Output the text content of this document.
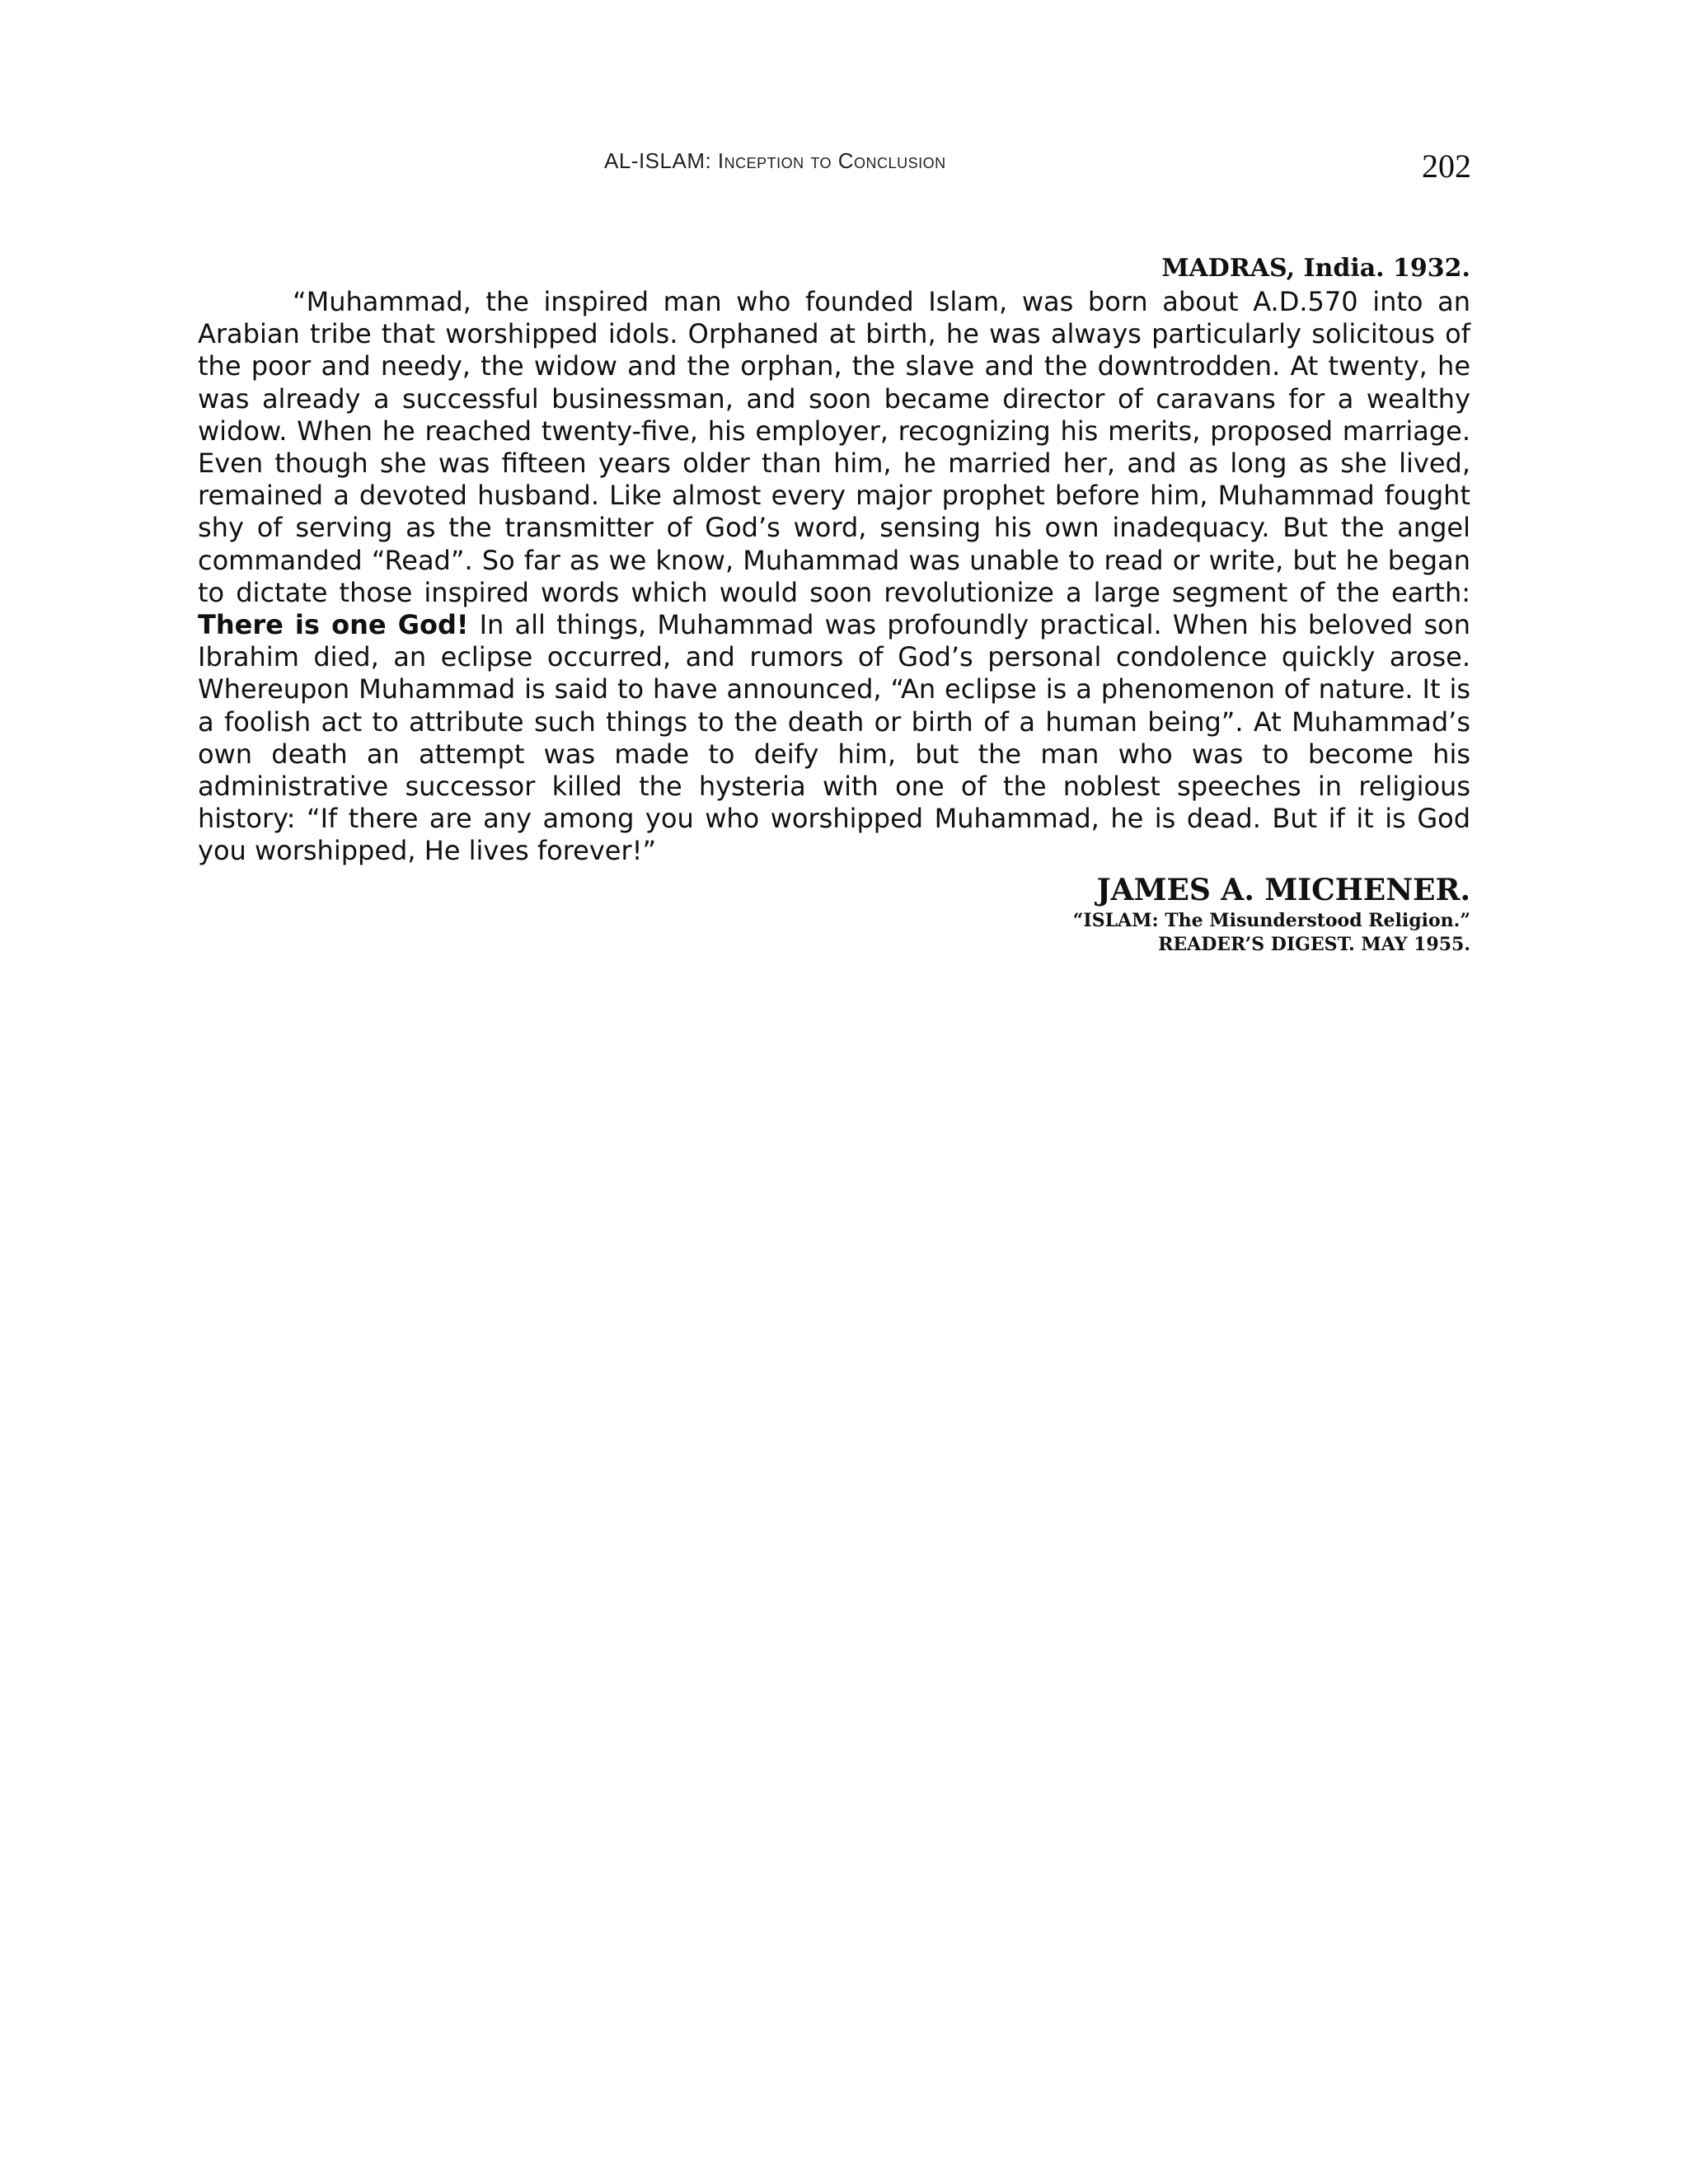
AL-ISLAM: Inception to Conclusion	202
MADRAS, India. 1932.

“Muhammad, the inspired man who founded Islam, was born about A.D.570 into an Arabian tribe that worshipped idols. Orphaned at birth, he was always particularly solicitous of the poor and needy, the widow and the orphan, the slave and the downtrodden. At twenty, he was already a successful businessman, and soon became director of caravans for a wealthy widow. When he reached twenty-five, his employer, recognizing his merits, proposed marriage. Even though she was fifteen years older than him, he married her, and as long as she lived, remained a devoted husband. Like almost every major prophet before him, Muhammad fought shy of serving as the transmitter of God’s word, sensing his own inadequacy. But the angel commanded “Read”. So far as we know, Muhammad was unable to read or write, but he began to dictate those inspired words which would soon revolutionize a large segment of the earth: There is one God! In all things, Muhammad was profoundly practical. When his beloved son Ibrahim died, an eclipse occurred, and rumors of God’s personal condolence quickly arose. Whereupon Muhammad is said to have announced, “An eclipse is a phenomenon of nature. It is a foolish act to attribute such things to the death or birth of a human being”. At Muhammad’s own death an attempt was made to deify him, but the man who was to become his administrative successor killed the hysteria with one of the noblest speeches in religious history: “If there are any among you who worshipped Muhammad, he is dead. But if it is God you worshipped, He lives forever!”

JAMES A. MICHENER.
“ISLAM: The Misunderstood Religion.”
READER’S DIGEST. MAY 1955.
